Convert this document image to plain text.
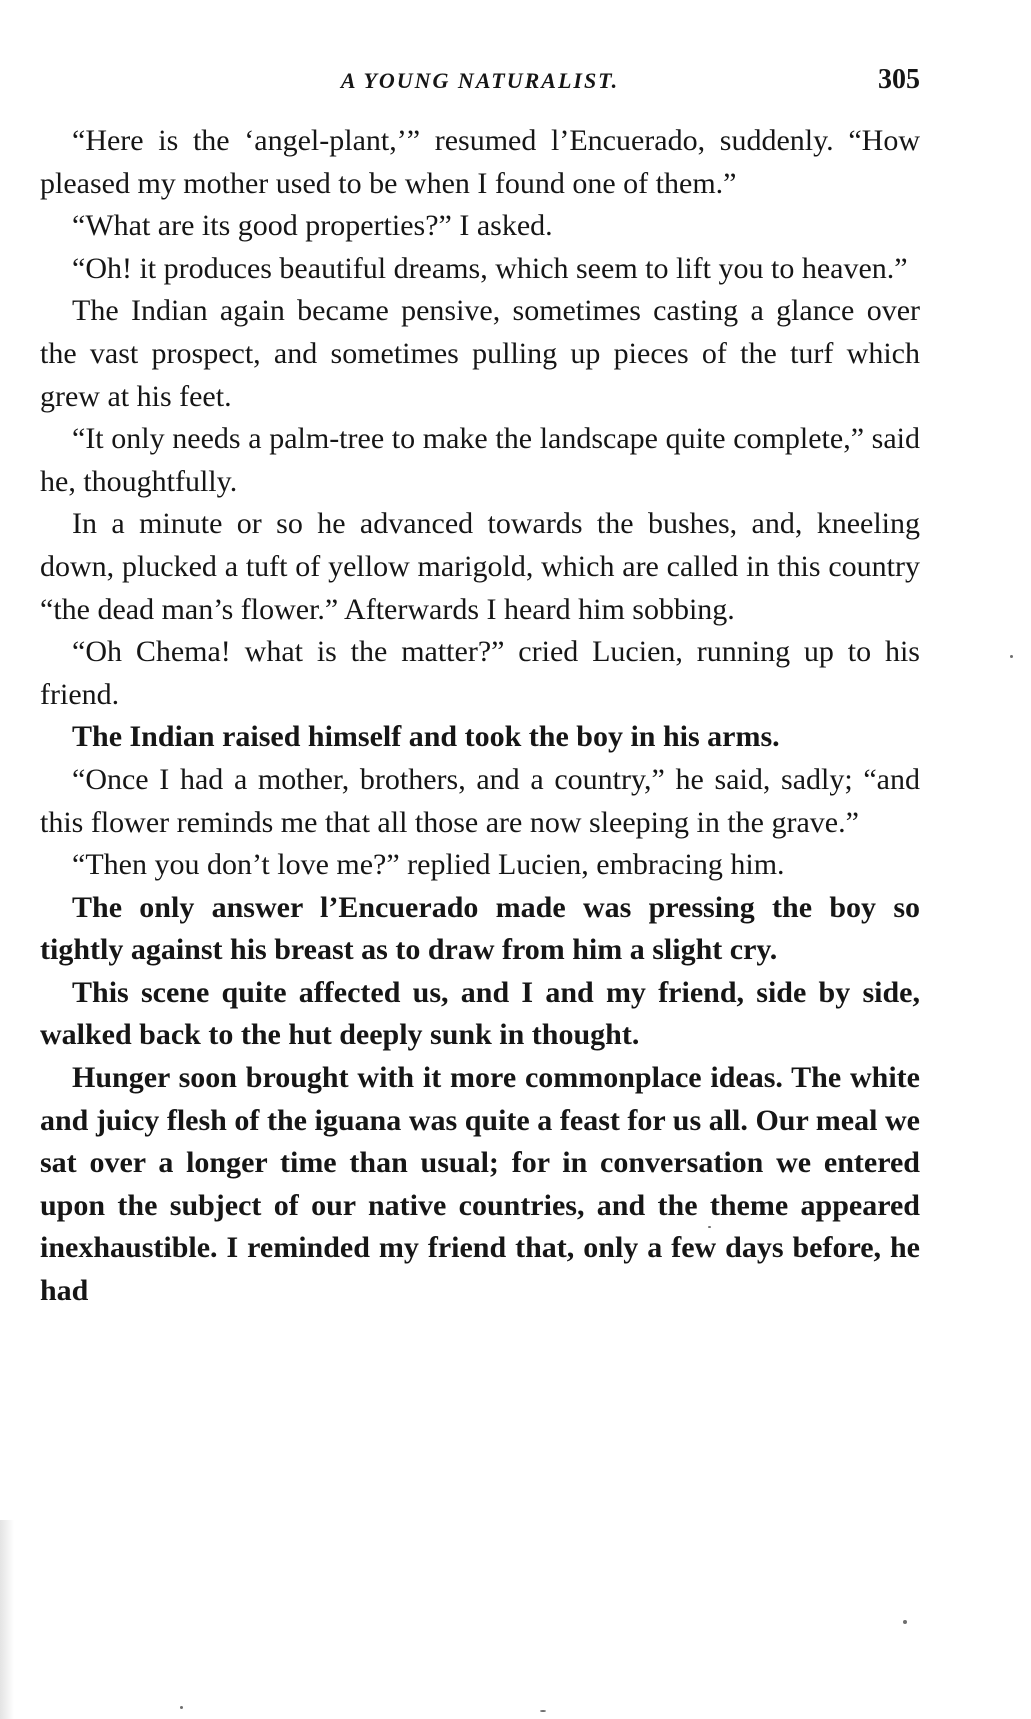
A YOUNG NATURALIST.	305

“Here is the ‘angel-plant,’” resumed l’Encuerado, suddenly. “How pleased my mother used to be when I found one of them.”

“What are its good properties?” I asked.

“Oh! it produces beautiful dreams, which seem to lift you to heaven.”

The Indian again became pensive, sometimes casting a glance over the vast prospect, and sometimes pulling up pieces of the turf which grew at his feet.

“It only needs a palm-tree to make the landscape quite complete,” said he, thoughtfully.

In a minute or so he advanced towards the bushes, and, kneeling down, plucked a tuft of yellow marigold, which are called in this country “the dead man’s flower.” Afterwards I heard him sobbing.

“Oh Chema! what is the matter?” cried Lucien, running up to his friend.

The Indian raised himself and took the boy in his arms.

“Once I had a mother, brothers, and a country,” he said, sadly; “and this flower reminds me that all those are now sleeping in the grave.”

“Then you don’t love me?” replied Lucien, embracing him.

The only answer l’Encuerado made was pressing the boy so tightly against his breast as to draw from him a slight cry.

This scene quite affected us, and I and my friend, side by side, walked back to the hut deeply sunk in thought.

Hunger soon brought with it more commonplace ideas. The white and juicy flesh of the iguana was quite a feast for us all. Our meal we sat over a longer time than usual; for in conversation we entered upon the subject of our native countries, and the theme appeared inexhaustible. I reminded my friend that, only a few days before, he had
